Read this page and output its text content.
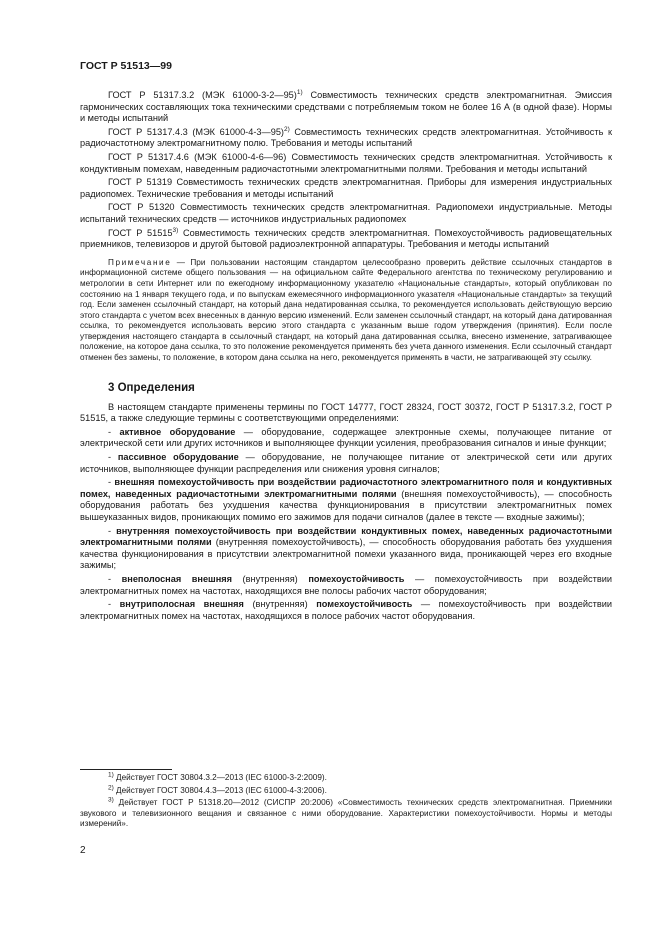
ГОСТ Р 51513—99

ГОСТ Р 51317.3.2 (МЭК 61000-3-2—95)$^{1)}$ Совместимость технических средств электромагнитная. Эмиссия гармонических составляющих тока техническими средствами с потребляемым током не более 16 А (в одной фазе). Нормы и методы испытаний

ГОСТ Р 51317.4.3 (МЭК 61000-4-3—95)$^{2)}$ Совместимость технических средств электромагнитная. Устойчивость к радиочастотному электромагнитному полю. Требования и методы испытаний

ГОСТ Р 51317.4.6 (МЭК 61000-4-6—96) Совместимость технических средств электромагнитная. Устойчивость к кондуктивным помехам, наведенным радиочастотными электромагнитными полями. Требования и методы испытаний

ГОСТ Р 51319 Совместимость технических средств электромагнитная. Приборы для измерения индустриальных радиопомех. Технические требования и методы испытаний

ГОСТ Р 51320 Совместимость технических средств электромагнитная. Радиопомехи индустриальные. Методы испытаний технических средств — источников индустриальных радиопомех

ГОСТ Р 51515$^{3)}$ Совместимость технических средств электромагнитная. Помехоустойчивость радиовещательных приемников, телевизоров и другой бытовой радиоэлектронной аппаратуры. Требования и методы испытаний

Примечание — При пользовании настоящим стандартом целесообразно проверить действие ссылочных стандартов в информационной системе общего пользования — на официальном сайте Федерального агентства по техническому регулированию и метрологии в сети Интернет или по ежегодному информационному указателю «Национальные стандарты», который опубликован по состоянию на 1 января текущего года, и по выпускам ежемесячного информационного указателя «Национальные стандарты» за текущий год. Если заменен ссылочный стандарт, на который дана недатированная ссылка, то рекомендуется использовать действующую версию этого стандарта с учетом всех внесенных в данную версию изменений. Если заменен ссылочный стандарт, на который дана датированная ссылка, то рекомендуется использовать версию этого стандарта с указанным выше годом утверждения (принятия). Если после утверждения настоящего стандарта в ссылочный стандарт, на который дана датированная ссылка, внесено изменение, затрагивающее положение, на которое дана ссылка, то это положение рекомендуется применять без учета данного изменения. Если ссылочный стандарт отменен без замены, то положение, в котором дана ссылка на него, рекомендуется применять в части, не затрагивающей эту ссылку.

3 Определения

В настоящем стандарте применены термины по ГОСТ 14777, ГОСТ 28324, ГОСТ 30372, ГОСТ Р 51317.3.2, ГОСТ Р 51515, а также следующие термины с соответствующими определениями:

- активное оборудование — оборудование, содержащее электронные схемы, получающее питание от электрической сети или других источников и выполняющее функции усиления, преобразования сигналов и иные функции;

- пассивное оборудование — оборудование, не получающее питание от электрической сети или других источников, выполняющее функции распределения или снижения уровня сигналов;

- внешняя помехоустойчивость при воздействии радиочастотного электромагнитного поля и кондуктивных помех, наведенных радиочастотными электромагнитными полями (внешняя помехоустойчивость), — способность оборудования работать без ухудшения качества функционирования в присутствии электромагнитных помех вышеуказанных видов, проникающих помимо его зажимов для подачи сигналов (далее в тексте — входные зажимы);

- внутренняя помехоустойчивость при воздействии кондуктивных помех, наведенных радиочастотными электромагнитными полями (внутренняя помехоустойчивость), — способность оборудования работать без ухудшения качества функционирования в присутствии электромагнитной помехи указанного вида, проникающей через его входные зажимы;

- внеполосная внешняя (внутренняя) помехоустойчивость — помехоустойчивость при воздействии электромагнитных помех на частотах, находящихся вне полосы рабочих частот оборудования;

- внутриполосная внешняя (внутренняя) помехоустойчивость — помехоустойчивость при воздействии электромагнитных помех на частотах, находящихся в полосе рабочих частот оборудования.

$^{1)}$ Действует ГОСТ 30804.3.2—2013 (IEC 61000-3-2:2009).

$^{2)}$ Действует ГОСТ 30804.4.3—2013 (IEC 61000-4-3:2006).

$^{3)}$ Действует ГОСТ Р 51318.20—2012 (СИСПР 20:2006) «Совместимость технических средств электромагнитная. Приемники звукового и телевизионного вещания и связанное с ними оборудование. Характеристики помехоустойчивости. Нормы и методы измерений».

2
